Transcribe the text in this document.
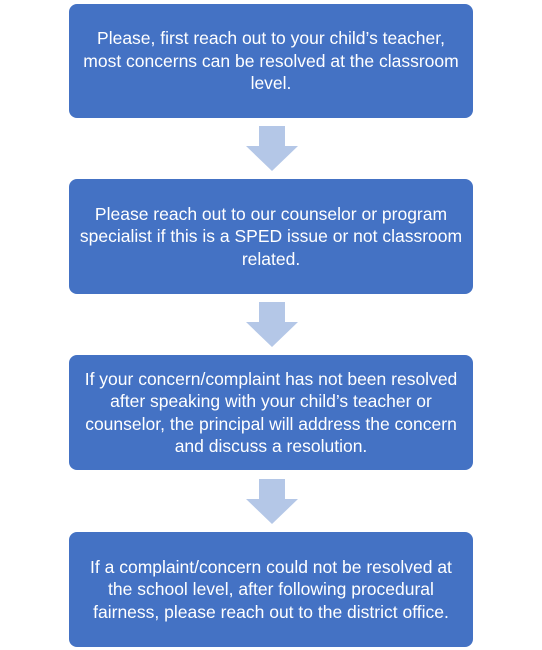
Please, first reach out to your child’s teacher, most concerns can be resolved at the classroom level.

Please reach out to our counselor or program specialist if this is a SPED issue or not classroom related.

If your concern/complaint has not been resolved after speaking with your child’s teacher or counselor, the principal will address the concern and discuss a resolution.

If a complaint/concern could not be resolved at the school level, after following procedural fairness, please reach out to the district office.
